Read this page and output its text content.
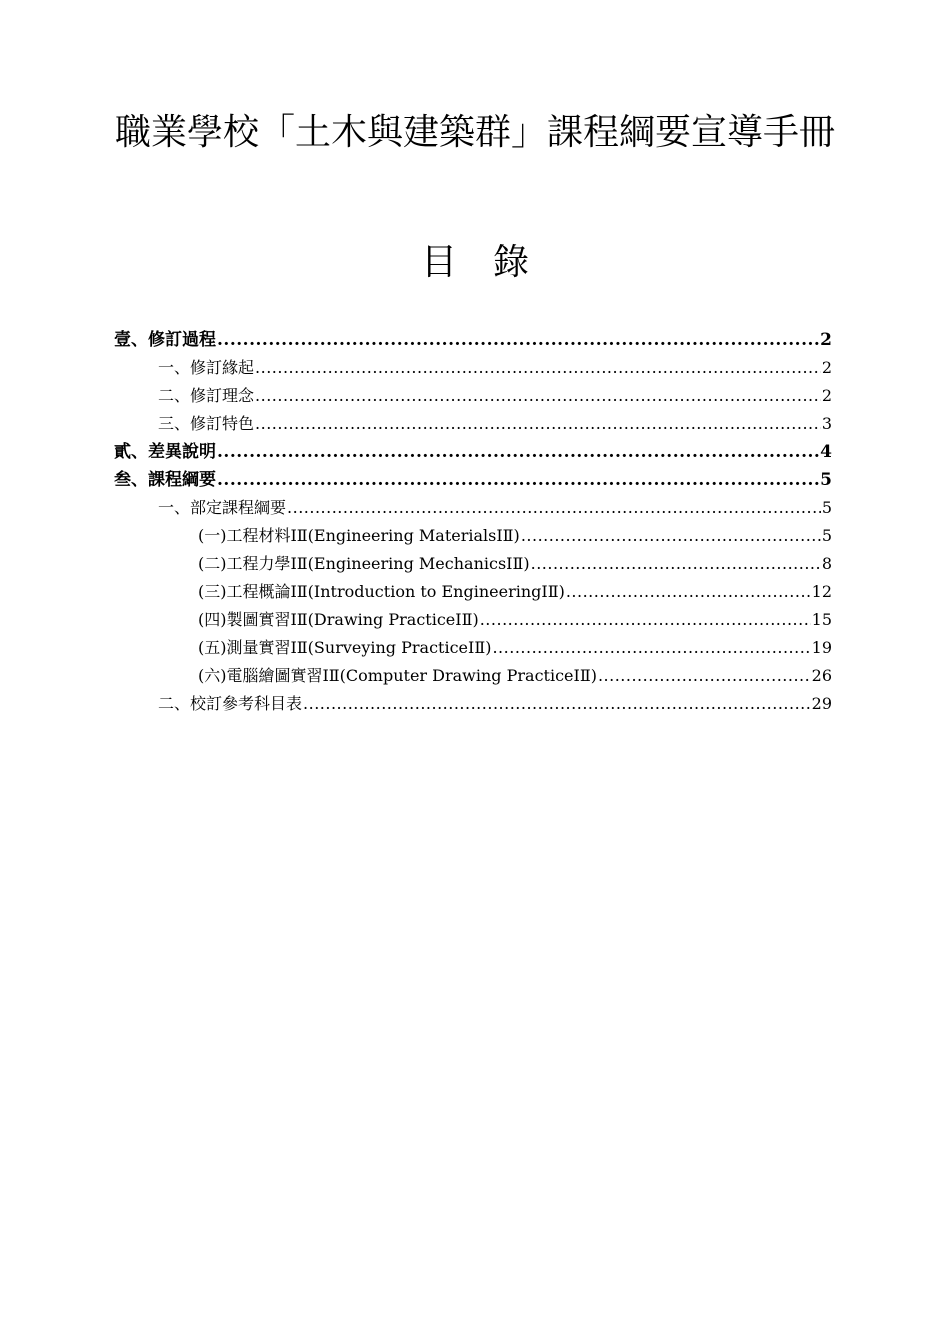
職業學校「土木與建築群」課程綱要宣導手冊
目　錄
壹、修訂過程 .....	2
一、修訂緣起 .....	2
二、修訂理念 .....	2
三、修訂特色 .....	3
貳、差異說明 .....	4
叁、課程綱要 .....	5
一、部定課程綱要 .....	5
(一)工程材料IⅡ(Engineering MaterialsⅠⅡ) .....	5
(二)工程力學IⅡ(Engineering MechanicsⅠⅡ) .....	8
(三)工程概論IⅡ(Introduction to EngineeringⅠⅡ) .....	12
(四)製圖實習IⅡ(Drawing PracticeⅠⅡ) .....	15
(五)測量實習IⅡ(Surveying PracticeⅠⅡ) .....	19
(六)電腦繪圖實習IⅡ(Computer Drawing PracticeⅠⅡ) .....	26
二、校訂參考科目表 .....	29
